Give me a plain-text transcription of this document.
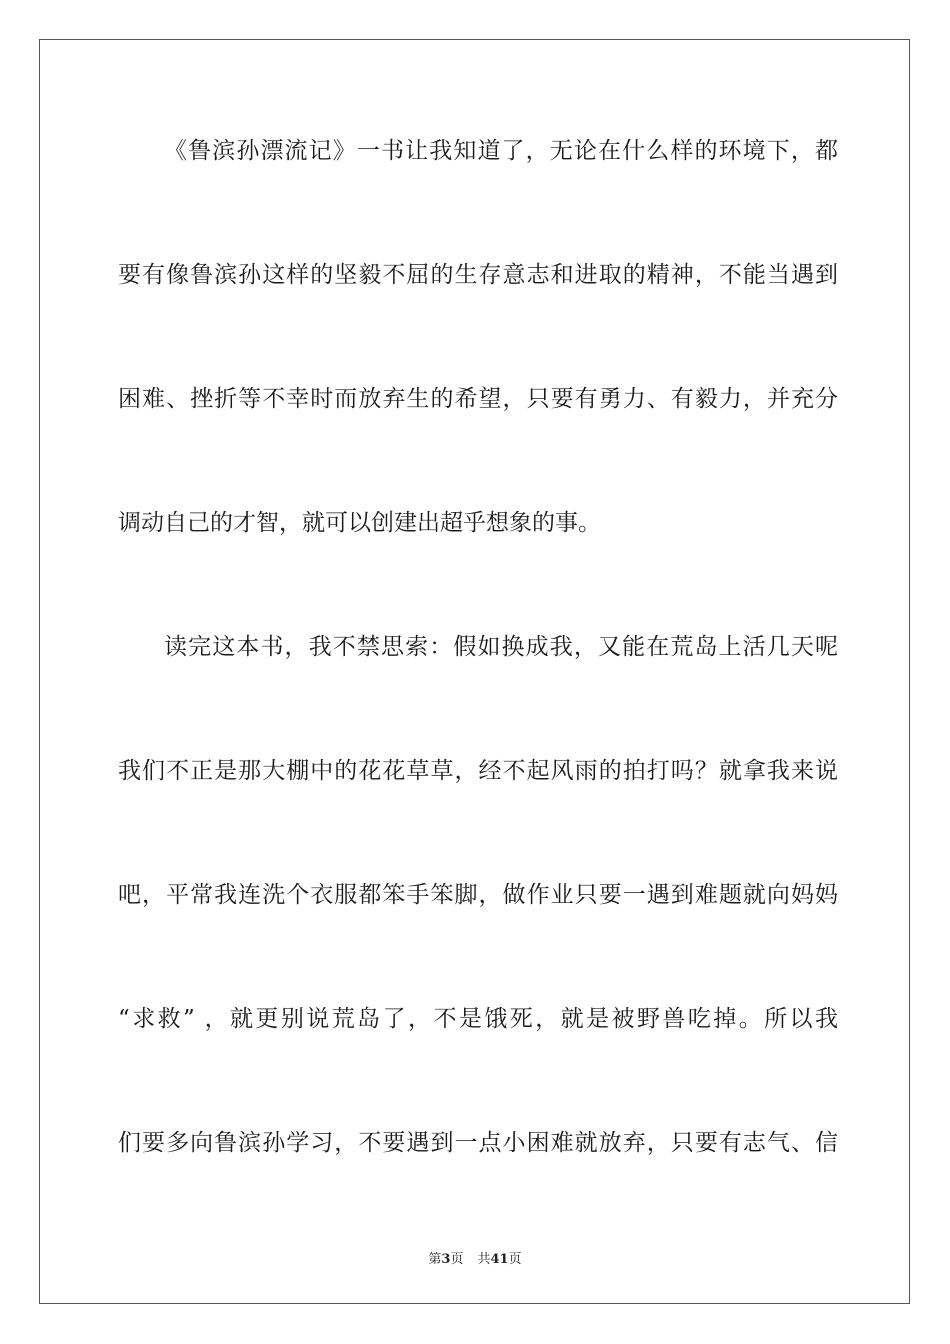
《鲁滨孙漂流记》一书让我知道了，无论在什么样的环境下，都
要有像鲁滨孙这样的坚毅不屈的生存意志和进取的精神，不能当遇到
困难、挫折等不幸时而放弃生的希望，只要有勇力、有毅力，并充分
调动自己的才智，就可以创建出超乎想象的事。
读完这本书，我不禁思索：假如换成我，又能在荒岛上活几天呢
我们不正是那大棚中的花花草草，经不起风雨的拍打吗？就拿我来说
吧，平常我连洗个衣服都笨手笨脚，做作业只要一遇到难题就向妈妈
“求救” ，就更别说荒岛了，不是饿死，就是被野兽吃掉。所以我
们要多向鲁滨孙学习，不要遇到一点小困难就放弃，只要有志气、信
第3页 共41页
